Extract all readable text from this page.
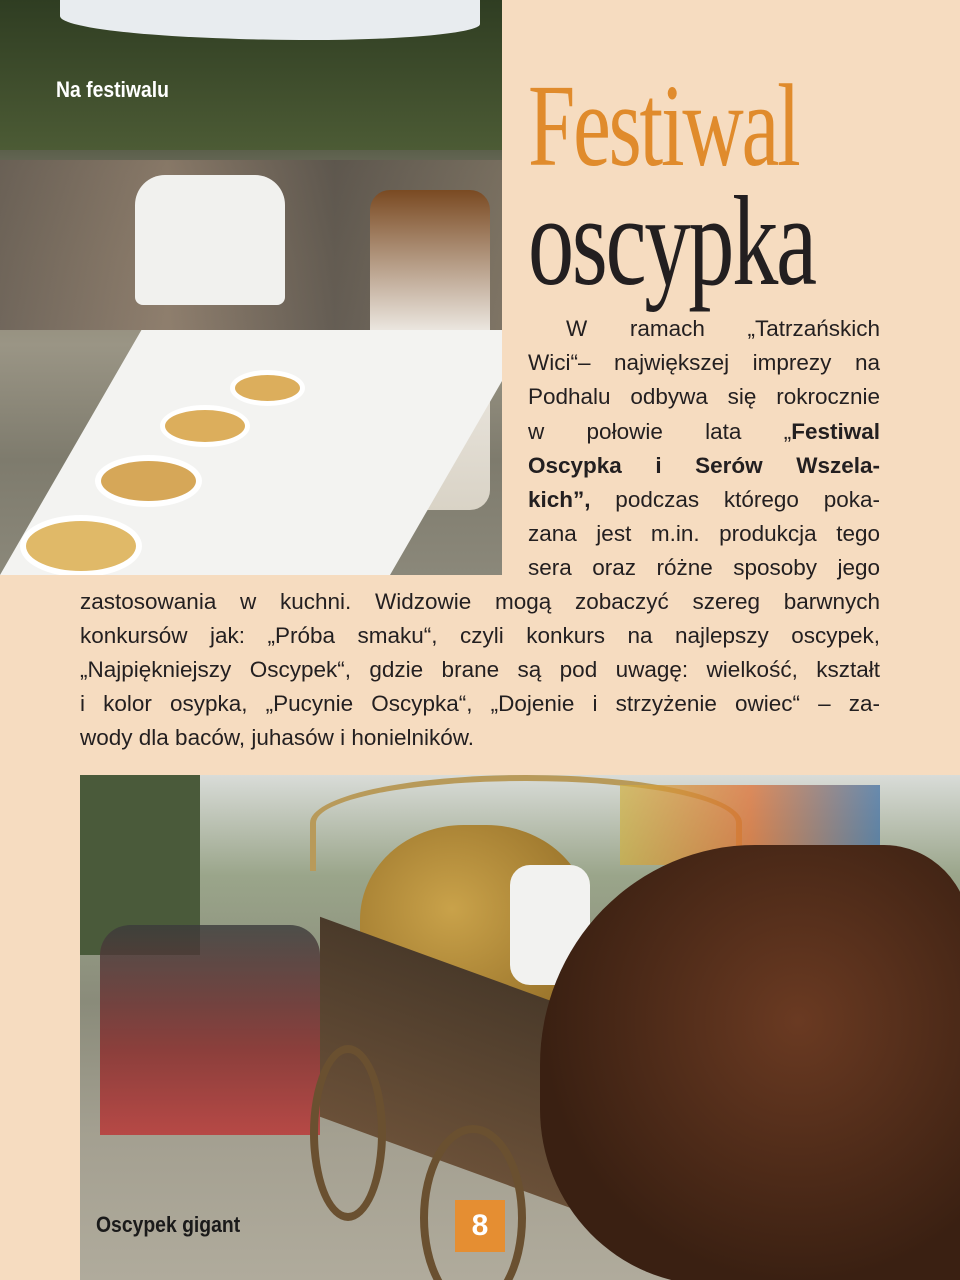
Na festiwalu	Festiwal
oscypka
W ramach „Tatrzańskich
Wici“– największej imprezy na
Podhalu odbywa się rokrocznie
w połowie lata „Festiwal
Oscypka i Serów Wszela-
kich”, podczas którego poka-
zana jest m.in. produkcja tego
sera oraz różne sposoby jego
zastosowania w kuchni. Widzowie mogą zobaczyć szereg barwnych
konkursów jak: „Próba smaku“, czyli konkurs na najlepszy oscypek,
„Najpiękniejszy Oscypek“, gdzie brane są pod uwagę: wielkość, kształt
i kolor osypka, „Pucynie Oscypka“, „Dojenie i strzyżenie owiec“ – za-
wody dla baców, juhasów i honielników.
Oscypek gigant	8
